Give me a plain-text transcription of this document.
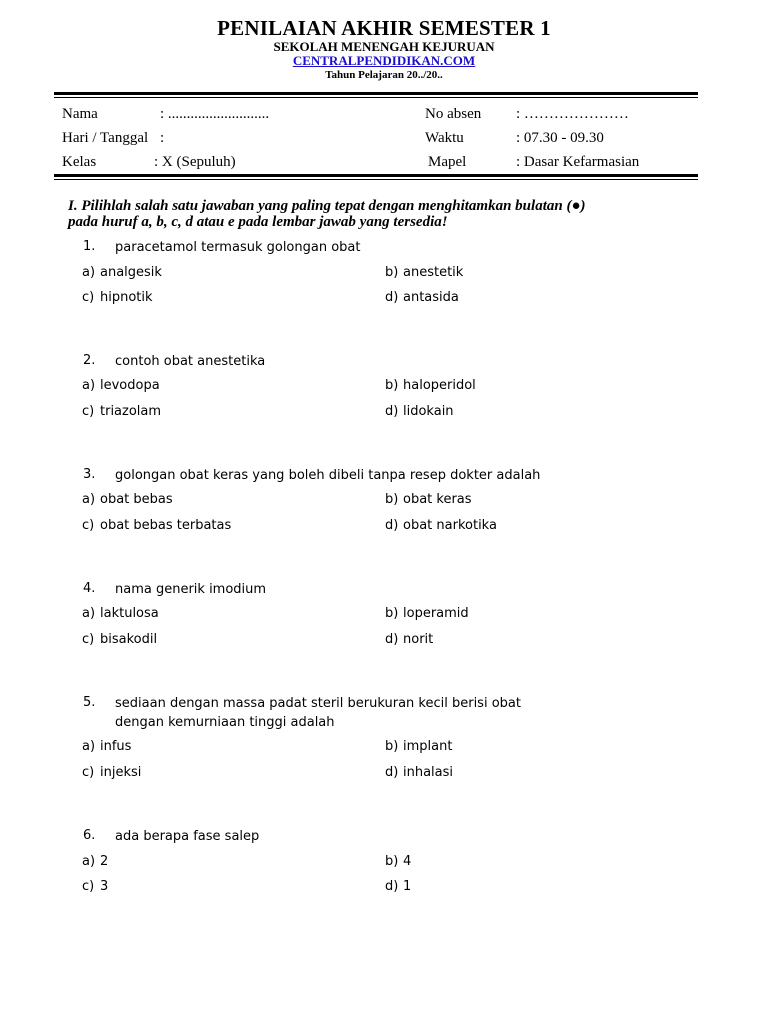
PENILAIAN AKHIR SEMESTER 1
SEKOLAH MENENGAH KEJURUAN
CENTRALPENDIDIKAN.COM
Tahun Pelajaran 20../20..
Nama	: ...........................
Hari / Tanggal :
Kelas	: X (Sepuluh)
No absen : …………………
Waktu	: 07.30 - 09.30
Mapel	: Dasar Kefarmasian
I. Pilihlah salah satu jawaban yang paling tepat dengan menghitamkan bulatan (●)
pada huruf a, b, c, d atau e pada lembar jawab yang tersedia!
1. paracetamol termasuk golongan obat
a) analgesik	b) anestetik
c) hipnotik	d) antasida
2. contoh obat anestetika
a) levodopa	b) haloperidol
c) triazolam	d) lidokain
3. golongan obat keras yang boleh dibeli tanpa resep dokter adalah
a) obat bebas	b) obat keras
c) obat bebas terbatas	d) obat narkotika
4. nama generik imodium
a) laktulosa	b) loperamid
c) bisakodil	d) norit
5. sediaan dengan massa padat steril berukuran kecil berisi obat dengan kemurniaan tinggi adalah
a) infus	b) implant
c) injeksi	d) inhalasi
6. ada berapa fase salep
a) 2	b) 4
c) 3	d) 1
